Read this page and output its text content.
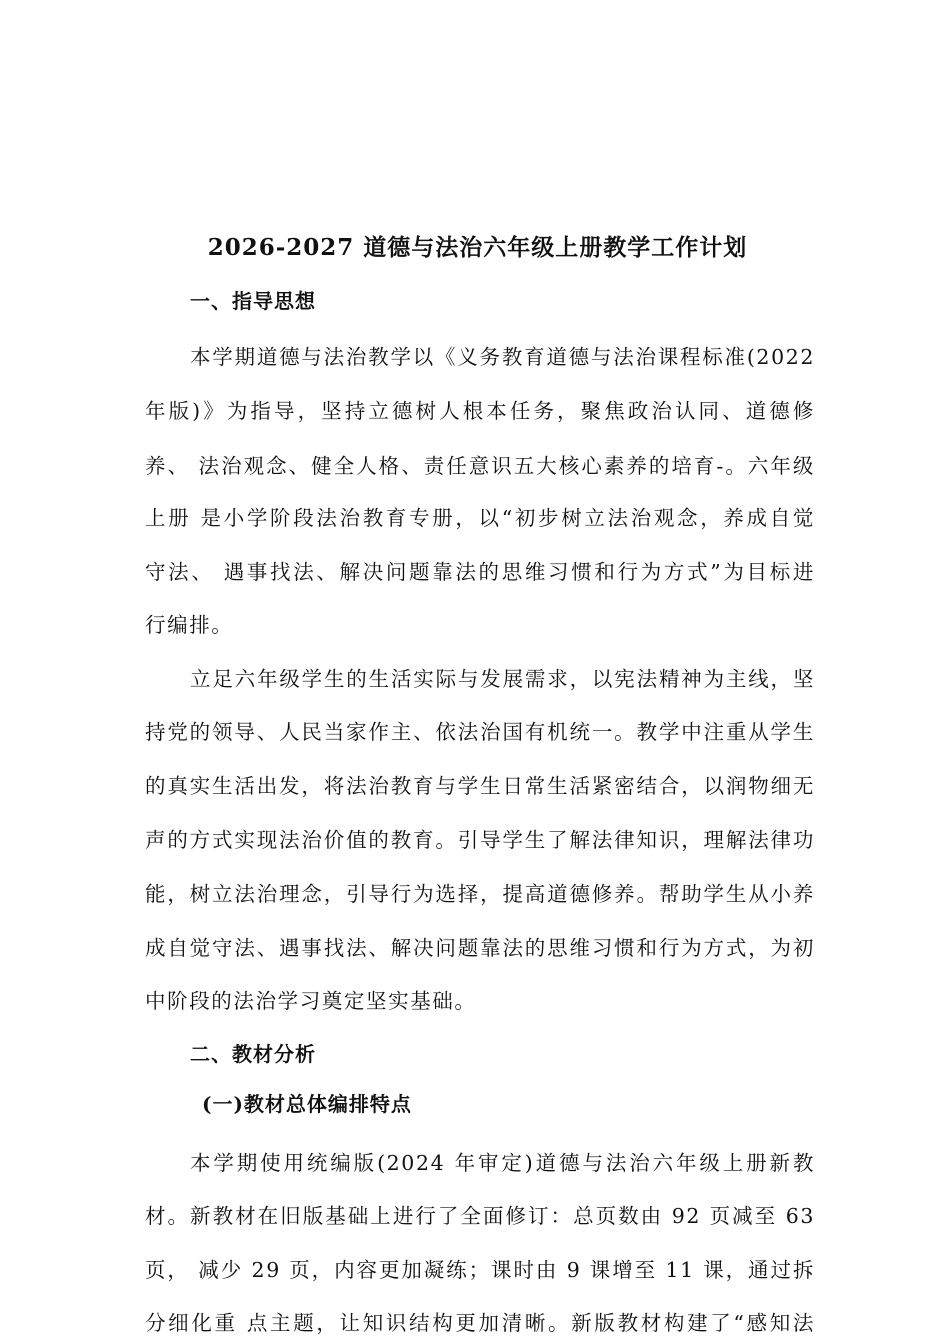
2026-2027 道德与法治六年级上册教学工作计划
一、指导思想
本学期道德与法治教学以《义务教育道德与法治课程标准(2022
年版)》为指导，坚持立德树人根本任务，聚焦政治认同、道德修
养、 法治观念、健全人格、责任意识五大核心素养的培育-。六年级
上册 是小学阶段法治教育专册，以“初步树立法治观念，养成自觉
守法、 遇事找法、解决问题靠法的思维习惯和行为方式”为目标进
行编排。
立足六年级学生的生活实际与发展需求，以宪法精神为主线，坚
持党的领导、人民当家作主、依法治国有机统一。教学中注重从学生
的真实生活出发，将法治教育与学生日常生活紧密结合，以润物细无
声的方式实现法治价值的教育。引导学生了解法律知识，理解法律功
能，树立法治理念，引导行为选择，提高道德修养。帮助学生从小养
成自觉守法、遇事找法、解决问题靠法的思维习惯和行为方式，为初
中阶段的法治学习奠定坚实基础。
二、教材分析
(一)教材总体编排特点
本学期使用统编版(2024 年审定)道德与法治六年级上册新教
材。新教材在旧版基础上进行了全面修订：总页数由 92 页减至 63
页， 减少 29 页，内容更加凝练；课时由 9 课增至 11 课，通过拆
分细化重 点主题，让知识结构更加清晰。新版教材构建了“感知法
